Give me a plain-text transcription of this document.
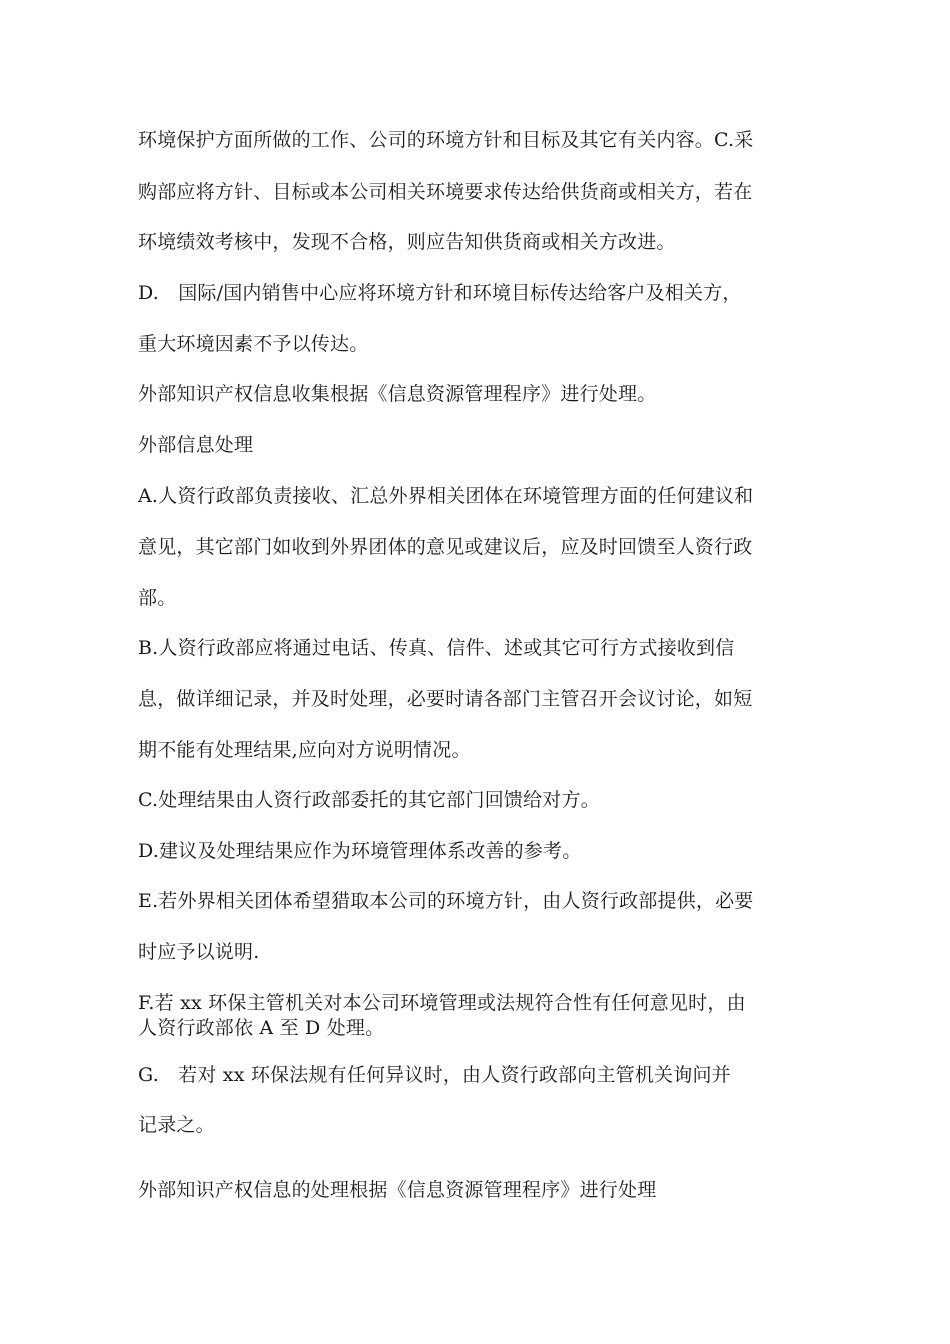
环境保护方面所做的工作、公司的环境方针和目标及其它有关内容。C.采

购部应将方针、目标或本公司相关环境要求传达给供货商或相关方，若在

环境绩效考核中，发现不合格，则应告知供货商或相关方改进。

D.　国际/国内销售中心应将环境方针和环境目标传达给客户及相关方，

重大环境因素不予以传达。

外部知识产权信息收集根据《信息资源管理程序》进行处理。

外部信息处理

A.人资行政部负责接收、汇总外界相关团体在环境管理方面的任何建议和

意见，其它部门如收到外界团体的意见或建议后，应及时回馈至人资行政

部。

B.人资行政部应将通过电话、传真、信件、述或其它可行方式接收到信

息，做详细记录，并及时处理，必要时请各部门主管召开会议讨论，如短

期不能有处理结果,应向对方说明情况。

C.处理结果由人资行政部委托的其它部门回馈给对方。

D.建议及处理结果应作为环境管理体系改善的参考。

E.若外界相关团体希望猎取本公司的环境方针，由人资行政部提供，必要

时应予以说明.

F.若 xx 环保主管机关对本公司环境管理或法规符合性有任何意见时，由

人资行政部依 A 至 D 处理。

G.　若对 xx 环保法规有任何异议时，由人资行政部向主管机关询问并

记录之。

外部知识产权信息的处理根据《信息资源管理程序》进行处理
